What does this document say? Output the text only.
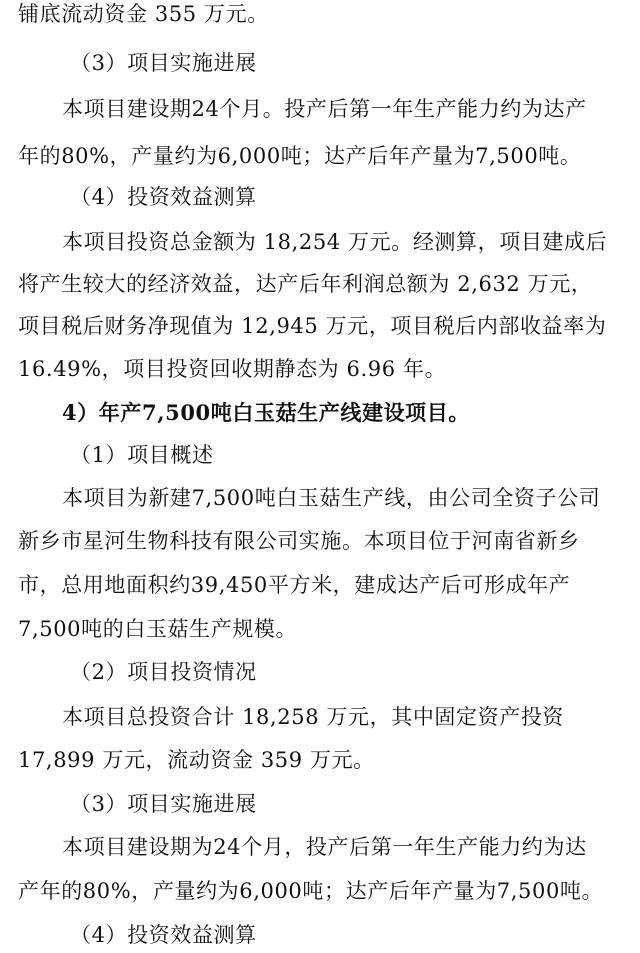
铺底流动资金 355 万元。
（3）项目实施进展
本项目建设期24个月。投产后第一年生产能力约为达产
年的80%，产量约为6,000吨；达产后年产量为7,500吨。
（4）投资效益测算
本项目投资总金额为 18,254 万元。经测算，项目建成后
将产生较大的经济效益，达产后年利润总额为 2,632 万元，
项目税后财务净现值为 12,945 万元，项目税后内部收益率为
16.49%，项目投资回收期静态为 6.96 年。
4）年产7,500吨白玉菇生产线建设项目。
（1）项目概述
本项目为新建7,500吨白玉菇生产线，由公司全资子公司
新乡市星河生物科技有限公司实施。本项目位于河南省新乡
市，总用地面积约39,450平方米，建成达产后可形成年产
7,500吨的白玉菇生产规模。
（2）项目投资情况
本项目总投资合计 18,258 万元，其中固定资产投资
17,899 万元，流动资金 359 万元。
（3）项目实施进展
本项目建设期为24个月，投产后第一年生产能力约为达
产年的80%，产量约为6,000吨；达产后年产量为7,500吨。
（4）投资效益测算
